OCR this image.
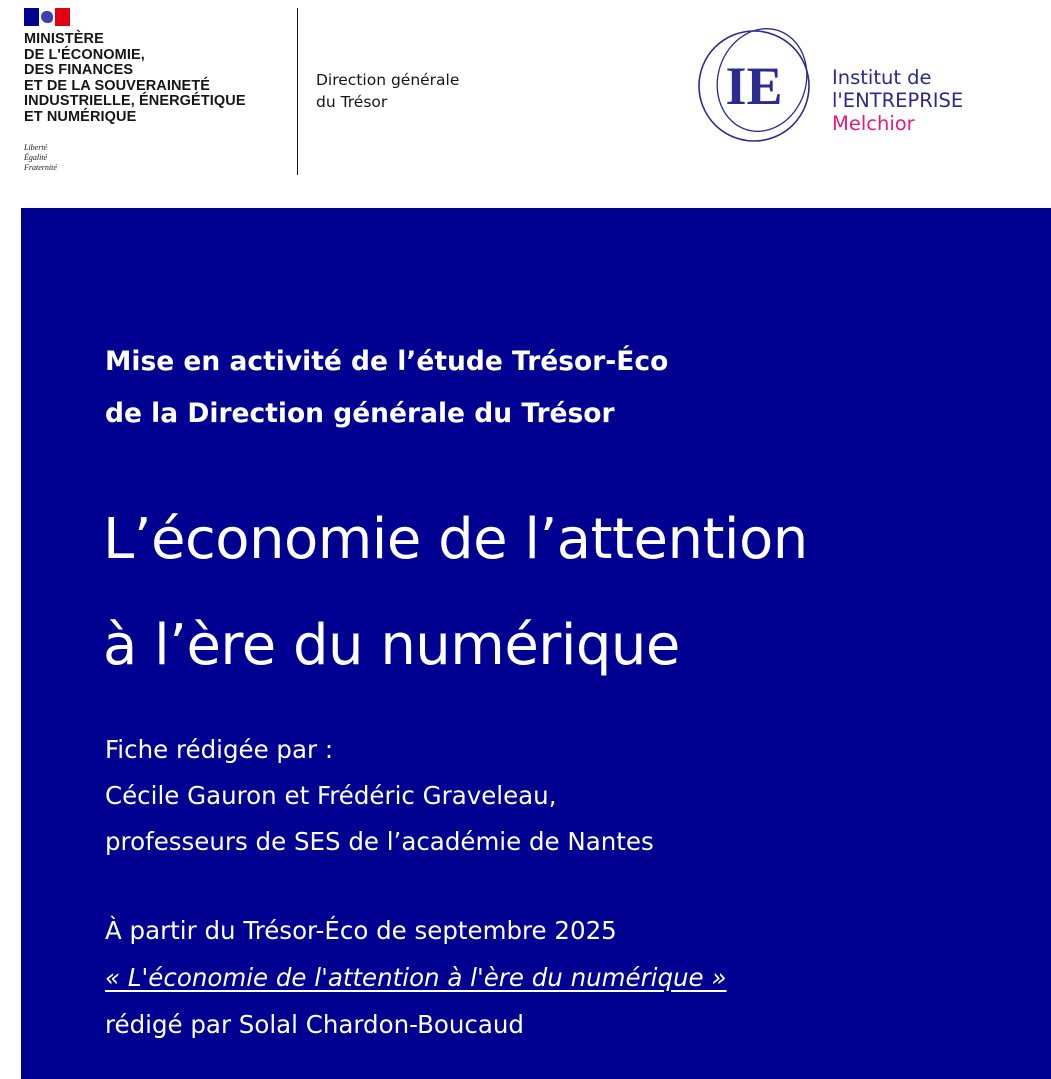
MINISTÈRE
DE L'ÉCONOMIE,
DES FINANCES
ET DE LA SOUVERAINETÉ
INDUSTRIELLE, ÉNERGÉTIQUE
ET NUMÉRIQUE
Liberté
Égalité
Fraternité
Direction générale
du Trésor	IE	Institut de
l'ENTREPRISE
Melchior
Mise en activité de l’étude Trésor-Éco
de la Direction générale du Trésor
L’économie de l’attention
à l’ère du numérique
Fiche rédigée par :
Cécile Gauron et Frédéric Graveleau,
professeurs de SES de l’académie de Nantes
À partir du Trésor-Éco de septembre 2025
« L'économie de l'attention à l'ère du numérique »
rédigé par Solal Chardon-Boucaud
